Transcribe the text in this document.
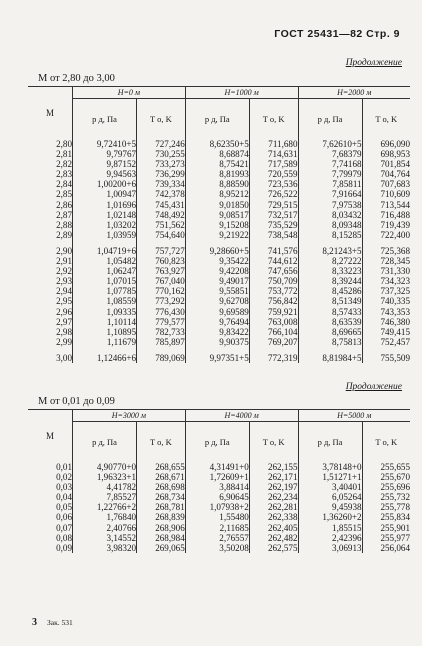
ГОСТ 25431—82 Стр. 9
Продолжение
М от 2,80 до 3,00
М	H=0 м		H=1000 м		H=2000 м	
	p д, Па	T о, K	p д, Па	T о, K	p д, Па	T о, K
2,80	9,72410+5	727,246	8,62350+5	711,680	7,62610+5	696,090
2,81	9,79767	730,255	8,68874	714,631	7,68379	698,953
2,82	9,87152	733,273	8,75421	717,589	7,74168	701,854
2,83	9,94563	736,299	8,81993	720,559	7,79979	704,764
2,84	1,00200+6	739,334	8,88590	723,536	7,85811	707,683
2,85	1,00947	742,378	8,95212	726,522	7,91664	710,609
2,86	1,01696	745,431	9,01850	729,515	7,97538	713,544
2,87	1,02148	748,492	9,08517	732,517	8,03432	716,488
2,88	1,03202	751,562	9,15208	735,529	8,09348	719,439
2,89	1,03959	754,640	9,21922	738,548	8,15285	722,400

2,90	1,04719+6	757,727	9,28660+5	741,576	8,21243+5	725,368
2,91	1,05482	760,823	9,35422	744,612	8,27222	728,345
2,92	1,06247	763,927	9,42208	747,656	8,33223	731,330
2,93	1,07015	767,040	9,49017	750,709	8,39244	734,323
2,94	1,07785	770,162	9,55851	753,772	8,45286	737,325
2,95	1,08559	773,292	9,62708	756,842	8,51349	740,335
2,96	1,09335	776,430	9,69589	759,921	8,57433	743,353
2,97	1,10114	779,577	9,76494	763,008	8,63539	746,380
2,98	1,10895	782,733	9,83422	766,104	8,69665	749,415
2,99	1,11679	785,897	9,90375	769,207	8,75813	752,457

3,00	1,12466+6	789,069	9,97351+5	772,319	8,81984+5	755,509
Продолжение
М от 0,01 до 0,09
М	H=3000 м		H=4000 м		H=5000 м	
	p д, Па	T о, K	p д, Па	T о, K	p д, Па	T о, K
0,01	4,90770+0	268,655	4,31491+0	262,155	3,78148+0	255,655
0,02	1,96323+1	268,671	1,72609+1	262,171	1,51271+1	255,670
0,03	4,41782	268,698	3,88414	262,197	3,40401	255,696
0,04	7,85527	268,734	6,90645	262,234	6,05264	255,732
0,05	1,22766+2	268,781	1,07938+2	262,281	9,45938	255,778
0,06	1,76840	268,839	1,55480	262,338	1,36260+2	255,834
0,07	2,40766	268,906	2,11685	262,405	1,85515	255,901
0,08	3,14552	268,984	2,76557	262,482	2,42396	255,977
0,09	3,98320	269,065	3,50208	262,575	3,06913	256,064
3 Зак. 531
